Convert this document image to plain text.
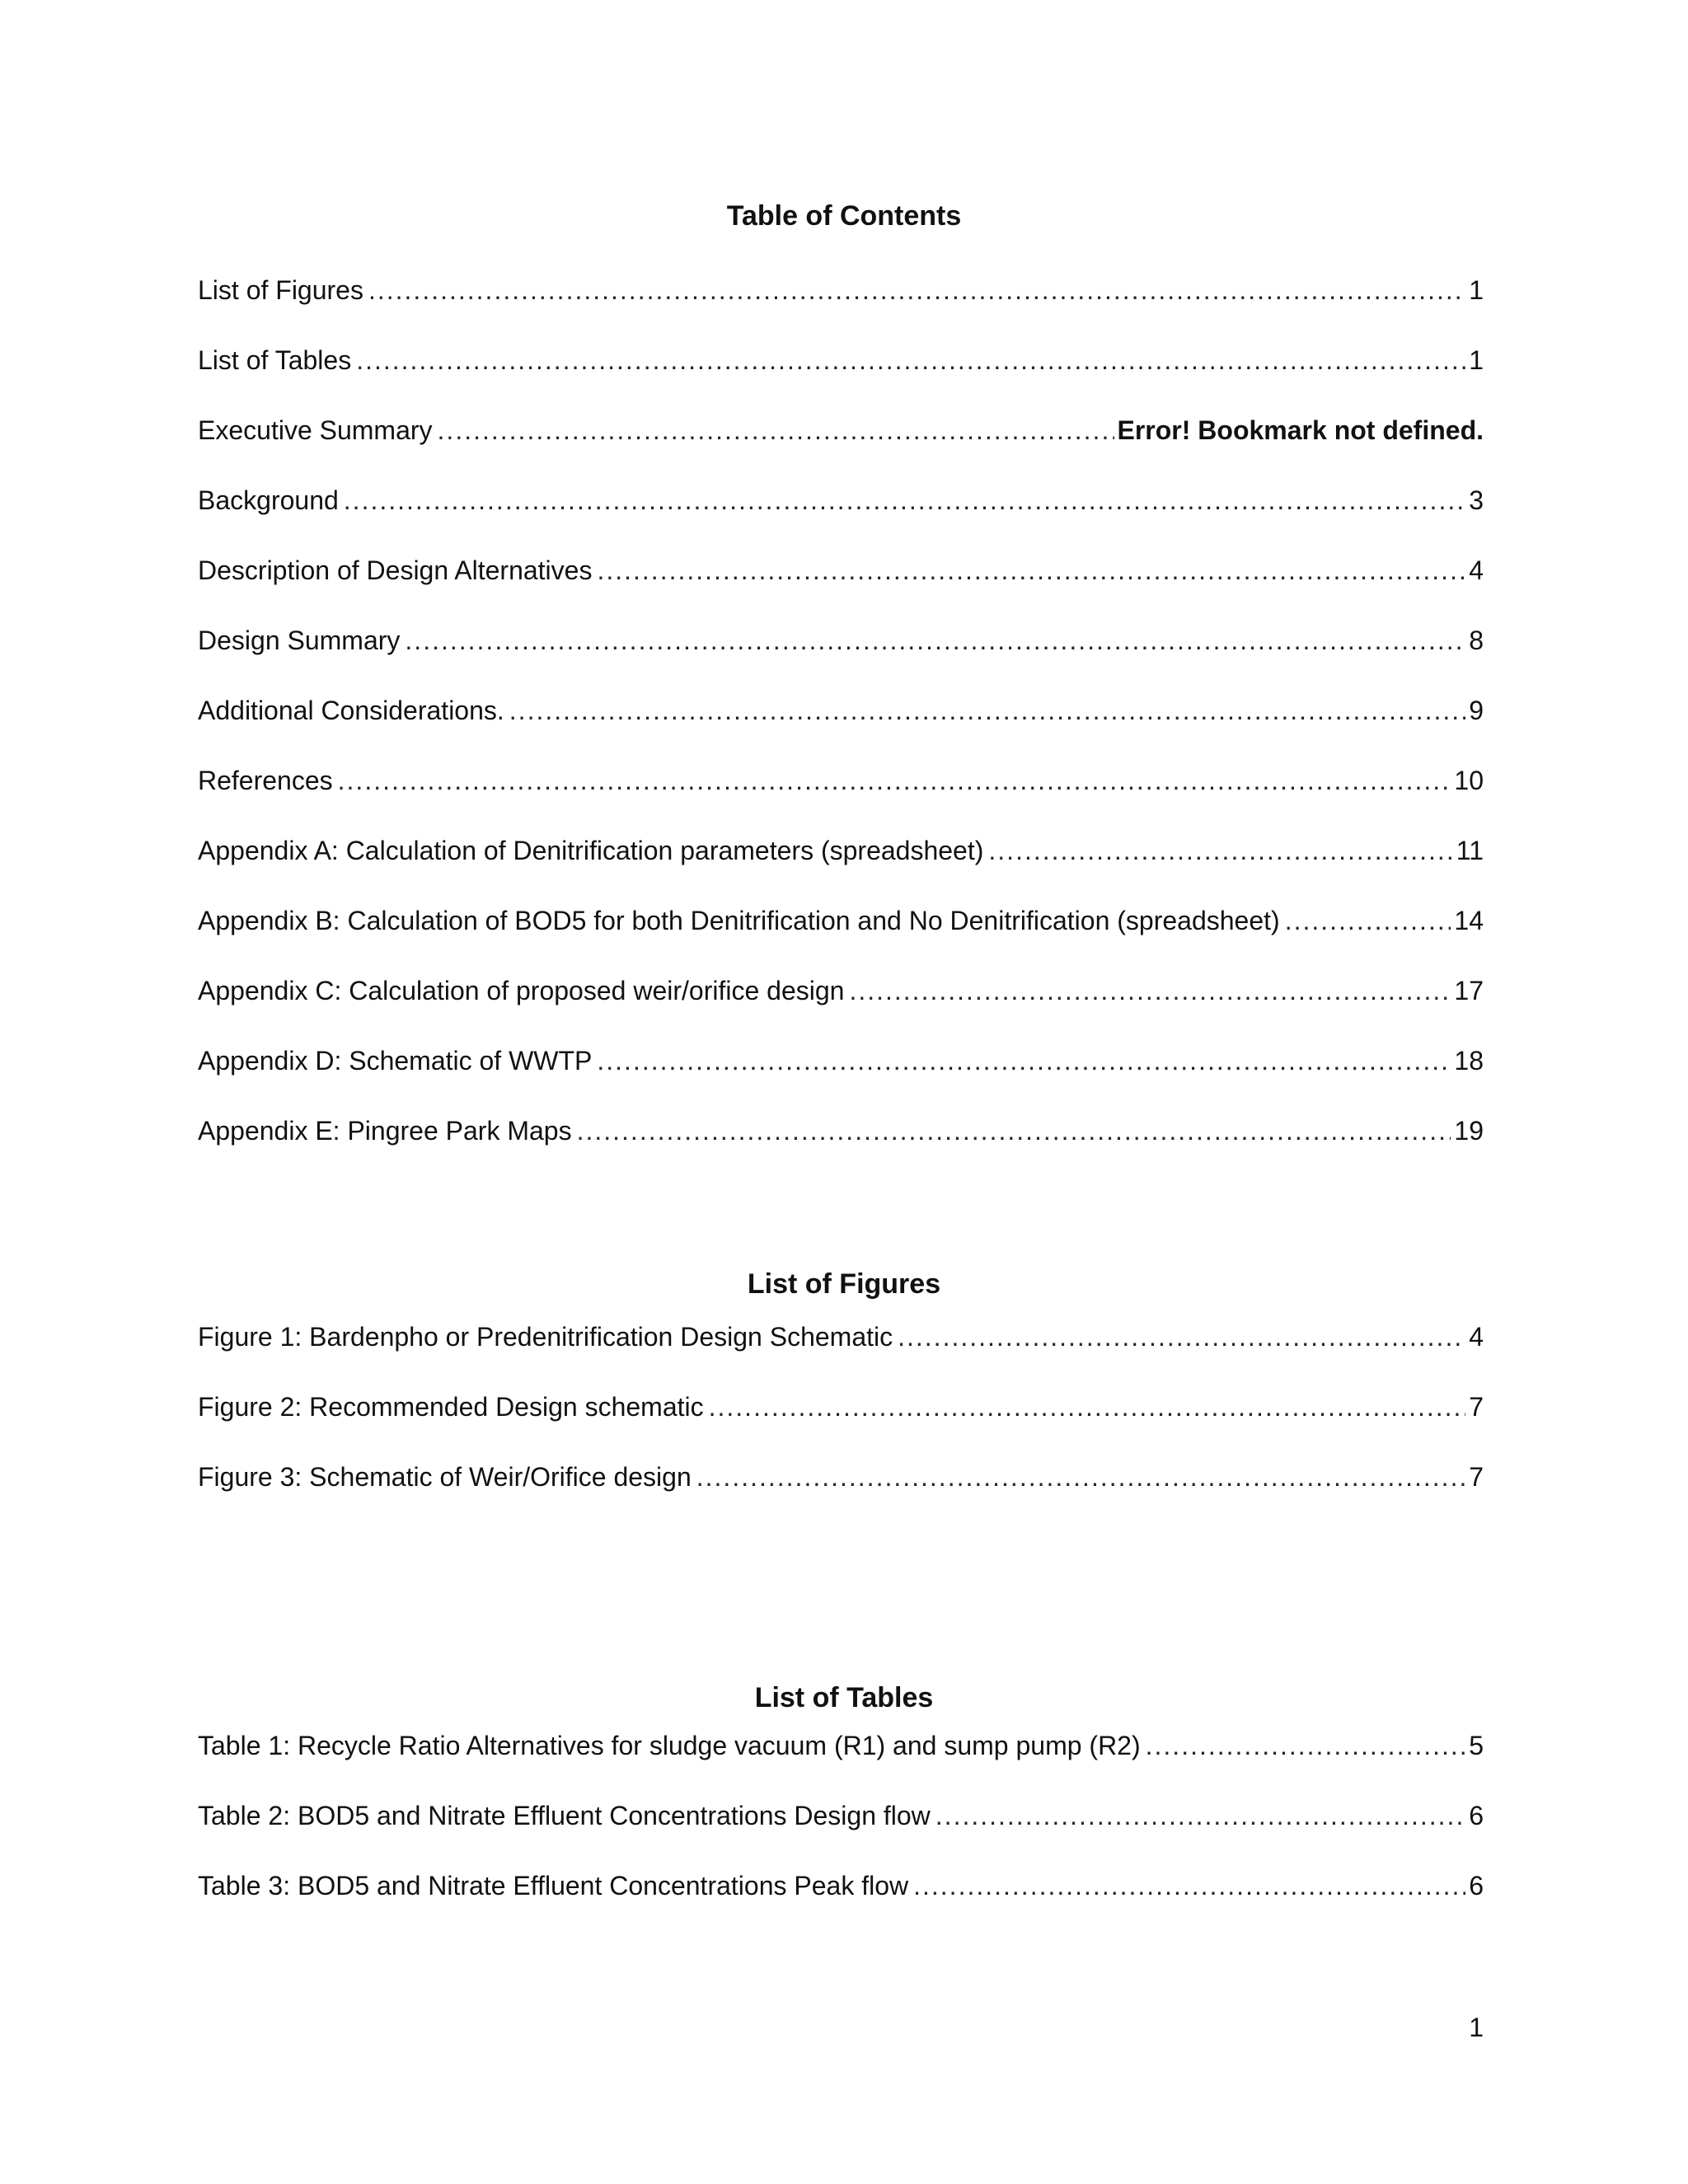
Table of Contents
List of Figures .....	1
List of Tables .....	1
Executive Summary .....	Error! Bookmark not defined.
Background .....	3
Description of Design Alternatives .....	4
Design Summary .....	8
Additional Considerations. .....	9
References .....	10
Appendix A: Calculation of Denitrification parameters (spreadsheet) .....	11
Appendix B: Calculation of BOD5 for both Denitrification and No Denitrification (spreadsheet) .....	14
Appendix C: Calculation of proposed weir/orifice design .....	17
Appendix D: Schematic of WWTP .....	18
Appendix E: Pingree Park Maps .....	19
List of Figures
Figure 1: Bardenpho or Predenitrification Design Schematic .....	4
Figure 2: Recommended Design schematic .....	7
Figure 3: Schematic of Weir/Orifice design .....	7
List of Tables
Table 1: Recycle Ratio Alternatives for sludge vacuum (R1) and sump pump (R2) .....	5
Table 2: BOD5 and Nitrate Effluent Concentrations Design flow .....	6
Table 3: BOD5 and Nitrate Effluent Concentrations Peak flow .....	6
1
